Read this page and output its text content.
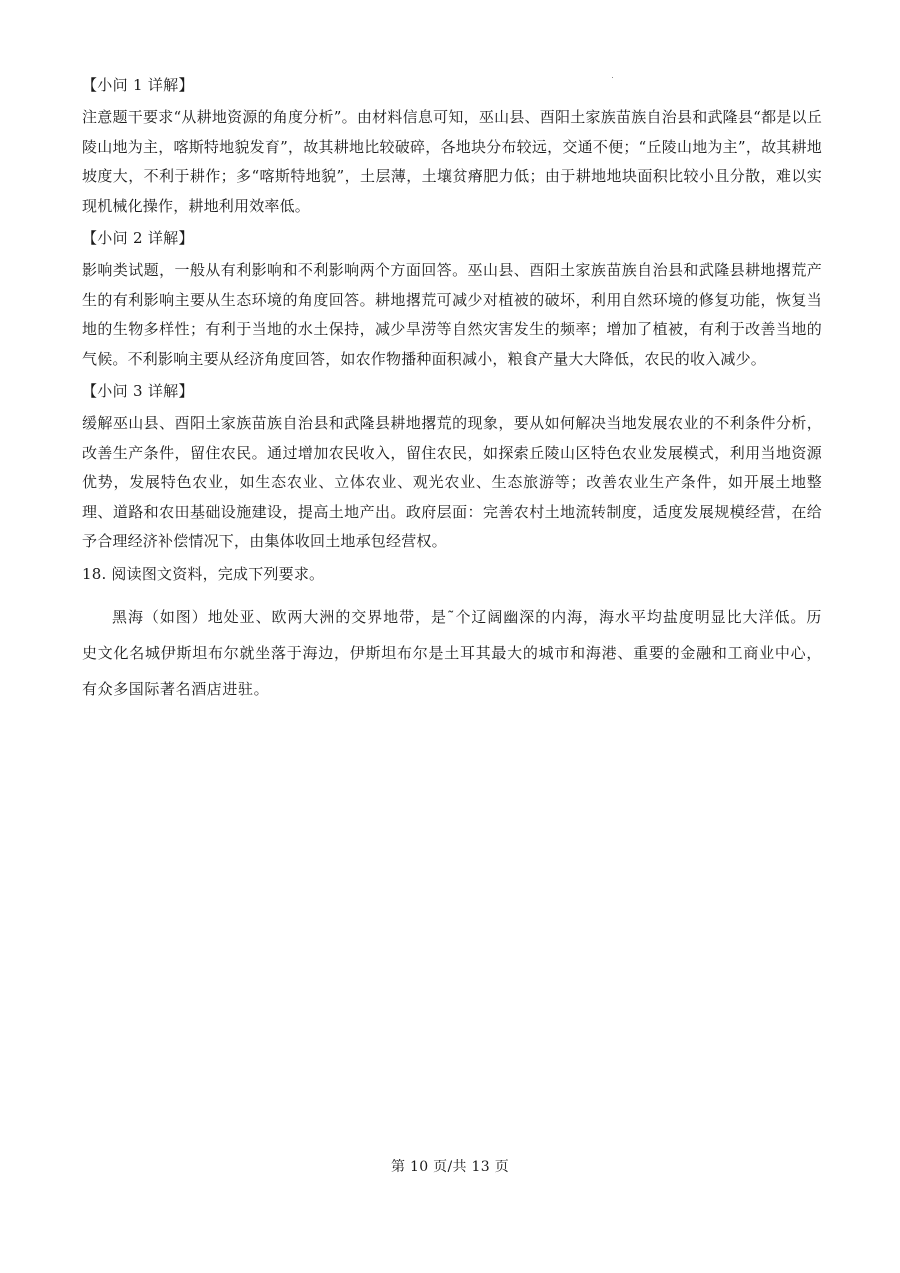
【小问 1 详解】

注意题干要求“从耕地资源的角度分析”。由材料信息可知，巫山县、酉阳土家族苗族自治县和武隆县“都是以丘陵山地为主，喀斯特地貌发育”，故其耕地比较破碎，各地块分布较远，交通不便；“丘陵山地为主”，故其耕地坡度大，不利于耕作；多“喀斯特地貌”，土层薄，土壤贫瘠肥力低；由于耕地地块面积比较小且分散，难以实现机械化操作，耕地利用效率低。

【小问 2 详解】

影响类试题，一般从有利影响和不利影响两个方面回答。巫山县、酉阳土家族苗族自治县和武隆县耕地撂荒产生的有利影响主要从生态环境的角度回答。耕地撂荒可减少对植被的破坏，利用自然环境的修复功能，恢复当地的生物多样性；有利于当地的水土保持，减少旱涝等自然灾害发生的频率；增加了植被，有利于改善当地的气候。不利影响主要从经济角度回答，如农作物播种面积减小，粮食产量大大降低，农民的收入减少。

【小问 3 详解】

缓解巫山县、酉阳土家族苗族自治县和武隆县耕地撂荒的现象，要从如何解决当地发展农业的不利条件分析，改善生产条件，留住农民。通过增加农民收入，留住农民，如探索丘陵山区特色农业发展模式，利用当地资源优势，发展特色农业，如生态农业、立体农业、观光农业、生态旅游等；改善农业生产条件，如开展土地整理、道路和农田基础设施建设，提高土地产出。政府层面：完善农村土地流转制度，适度发展规模经营，在给予合理经济补偿情况下，由集体收回土地承包经营权。

18. 阅读图文资料，完成下列要求。

黑海（如图）地处亚、欧两大洲的交界地带，是˜个辽阔幽深的内海，海水平均盐度明显比大洋低。历史文化名城伊斯坦布尔就坐落于海边，伊斯坦布尔是土耳其最大的城市和海港、重要的金融和工商业中心，有众多国际著名酒店进驻。

第 10 页/共 13 页
